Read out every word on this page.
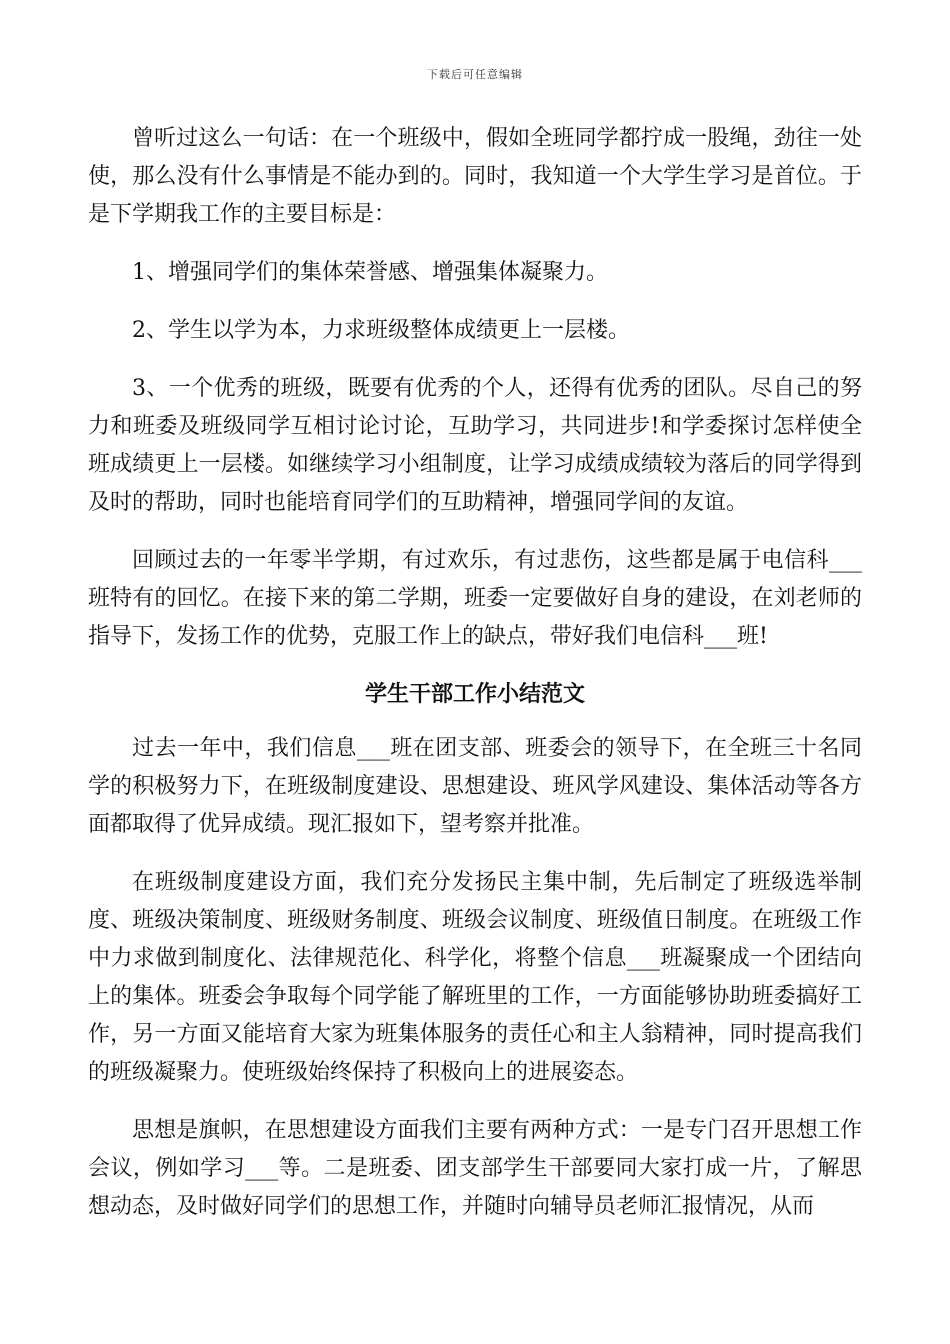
下载后可任意编辑

曾听过这么一句话：在一个班级中，假如全班同学都拧成一股绳，劲往一处使，那么没有什么事情是不能办到的。同时，我知道一个大学生学习是首位。于是下学期我工作的主要目标是：

1、增强同学们的集体荣誉感、增强集体凝聚力。

2、学生以学为本，力求班级整体成绩更上一层楼。

3、一个优秀的班级，既要有优秀的个人，还得有优秀的团队。尽自己的努力和班委及班级同学互相讨论讨论，互助学习，共同进步!和学委探讨怎样使全班成绩更上一层楼。如继续学习小组制度，让学习成绩成绩较为落后的同学得到及时的帮助，同时也能培育同学们的互助精神，增强同学间的友谊。

回顾过去的一年零半学期，有过欢乐，有过悲伤，这些都是属于电信科___班特有的回忆。在接下来的第二学期，班委一定要做好自身的建设，在刘老师的指导下，发扬工作的优势，克服工作上的缺点，带好我们电信科___班!

学生干部工作小结范文

过去一年中，我们信息___班在团支部、班委会的领导下，在全班三十名同学的积极努力下，在班级制度建设、思想建设、班风学风建设、集体活动等各方面都取得了优异成绩。现汇报如下，望考察并批准。

在班级制度建设方面，我们充分发扬民主集中制，先后制定了班级选举制度、班级决策制度、班级财务制度、班级会议制度、班级值日制度。在班级工作中力求做到制度化、法律规范化、科学化，将整个信息___班凝聚成一个团结向上的集体。班委会争取每个同学能了解班里的工作，一方面能够协助班委搞好工作，另一方面又能培育大家为班集体服务的责任心和主人翁精神，同时提高我们的班级凝聚力。使班级始终保持了积极向上的进展姿态。

思想是旗帜，在思想建设方面我们主要有两种方式：一是专门召开思想工作会议，例如学习___等。二是班委、团支部学生干部要同大家打成一片，了解思想动态，及时做好同学们的思想工作，并随时向辅导员老师汇报情况，从而
